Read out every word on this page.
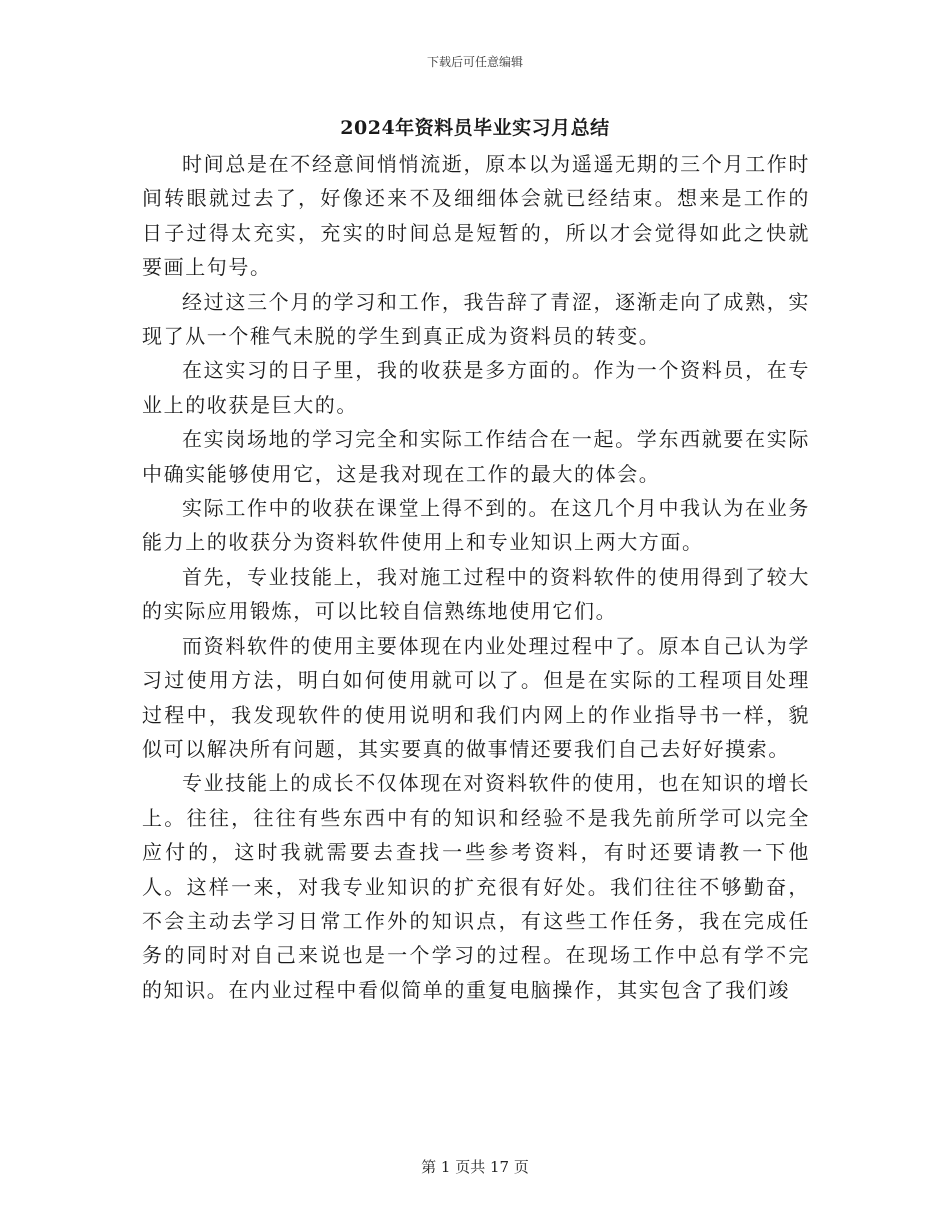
下载后可任意编辑
2024年资料员毕业实习月总结

时间总是在不经意间悄悄流逝，原本以为遥遥无期的三个月工作时间转眼就过去了，好像还来不及细细体会就已经结束。想来是工作的日子过得太充实，充实的时间总是短暂的，所以才会觉得如此之快就要画上句号。

经过这三个月的学习和工作，我告辞了青涩，逐渐走向了成熟，实现了从一个稚气未脱的学生到真正成为资料员的转变。

在这实习的日子里，我的收获是多方面的。作为一个资料员，在专业上的收获是巨大的。

在实岗场地的学习完全和实际工作结合在一起。学东西就要在实际中确实能够使用它，这是我对现在工作的最大的体会。

实际工作中的收获在课堂上得不到的。在这几个月中我认为在业务能力上的收获分为资料软件使用上和专业知识上两大方面。

首先，专业技能上，我对施工过程中的资料软件的使用得到了较大的实际应用锻炼，可以比较自信熟练地使用它们。

而资料软件的使用主要体现在内业处理过程中了。原本自己认为学习过使用方法，明白如何使用就可以了。但是在实际的工程项目处理过程中，我发现软件的使用说明和我们内网上的作业指导书一样，貌似可以解决所有问题，其实要真的做事情还要我们自己去好好摸索。

专业技能上的成长不仅体现在对资料软件的使用，也在知识的增长上。往往，往往有些东西中有的知识和经验不是我先前所学可以完全应付的，这时我就需要去查找一些参考资料，有时还要请教一下他人。这样一来，对我专业知识的扩充很有好处。我们往往不够勤奋，不会主动去学习日常工作外的知识点，有这些工作任务，我在完成任务的同时对自己来说也是一个学习的过程。在现场工作中总有学不完的知识。在内业过程中看似简单的重复电脑操作，其实包含了我们竣

第 1 页共 17 页
